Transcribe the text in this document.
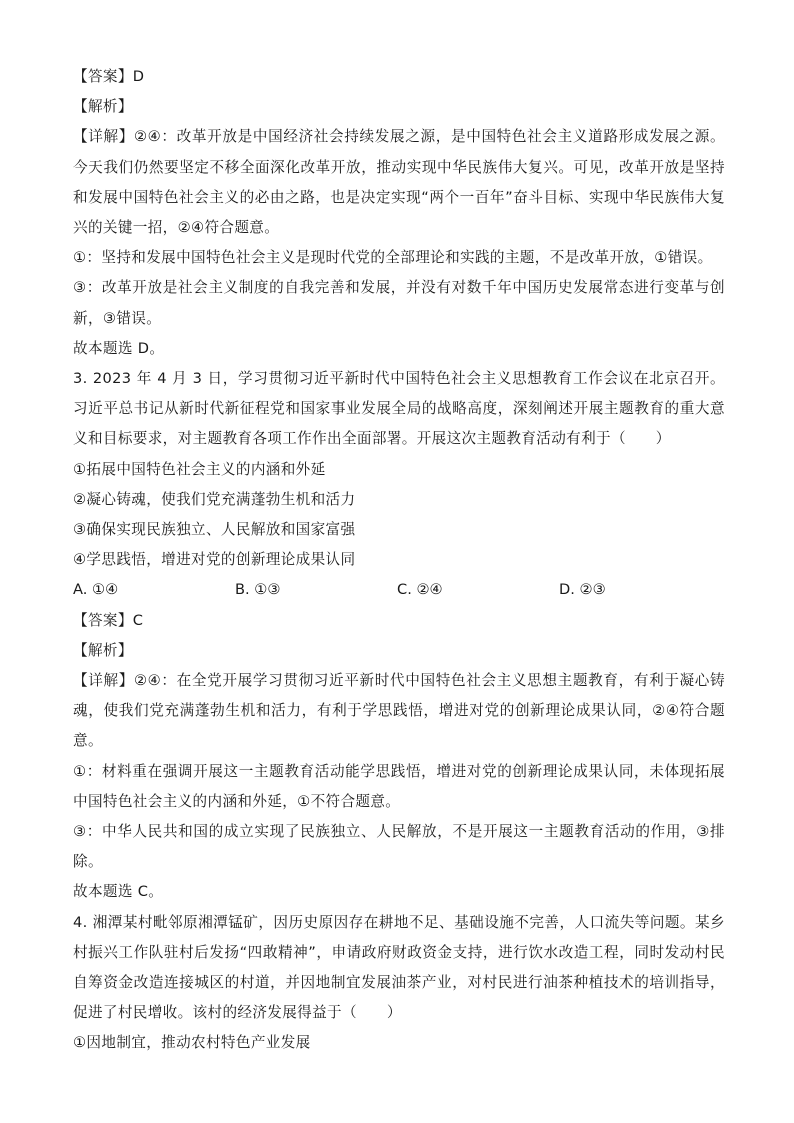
【答案】D
【解析】
【详解】②④：改革开放是中国经济社会持续发展之源，是中国特色社会主义道路形成发展之源。今天我们仍然要坚定不移全面深化改革开放，推动实现中华民族伟大复兴。可见，改革开放是坚持和发展中国特色社会主义的必由之路，也是决定实现“两个一百年”奋斗目标、实现中华民族伟大复兴的关键一招，②④符合题意。
①：坚持和发展中国特色社会主义是现时代党的全部理论和实践的主题，不是改革开放，①错误。
③：改革开放是社会主义制度的自我完善和发展，并没有对数千年中国历史发展常态进行变革与创新，③错误。
故本题选 D。
3. 2023 年 4 月 3 日，学习贯彻习近平新时代中国特色社会主义思想教育工作会议在北京召开。习近平总书记从新时代新征程党和国家事业发展全局的战略高度，深刻阐述开展主题教育的重大意义和目标要求，对主题教育各项工作作出全面部署。开展这次主题教育活动有利于（　　）
①拓展中国特色社会主义的内涵和外延
②凝心铸魂，使我们党充满蓬勃生机和活力
③确保实现民族独立、人民解放和国家富强
④学思践悟，增进对党的创新理论成果认同
A. ①④	B. ①③	C. ②④	D. ②③
【答案】C
【解析】
【详解】②④：在全党开展学习贯彻习近平新时代中国特色社会主义思想主题教育，有利于凝心铸魂，使我们党充满蓬勃生机和活力，有利于学思践悟，增进对党的创新理论成果认同，②④符合题意。
①：材料重在强调开展这一主题教育活动能学思践悟，增进对党的创新理论成果认同，未体现拓展中国特色社会主义的内涵和外延，①不符合题意。
③：中华人民共和国的成立实现了民族独立、人民解放，不是开展这一主题教育活动的作用，③排除。
故本题选 C。
4. 湘潭某村毗邻原湘潭锰矿，因历史原因存在耕地不足、基础设施不完善，人口流失等问题。某乡村振兴工作队驻村后发扬“四敢精神”，申请政府财政资金支持，进行饮水改造工程，同时发动村民自筹资金改造连接城区的村道，并因地制宜发展油茶产业，对村民进行油茶种植技术的培训指导，促进了村民增收。该村的经济发展得益于（　　）
①因地制宜，推动农村特色产业发展
